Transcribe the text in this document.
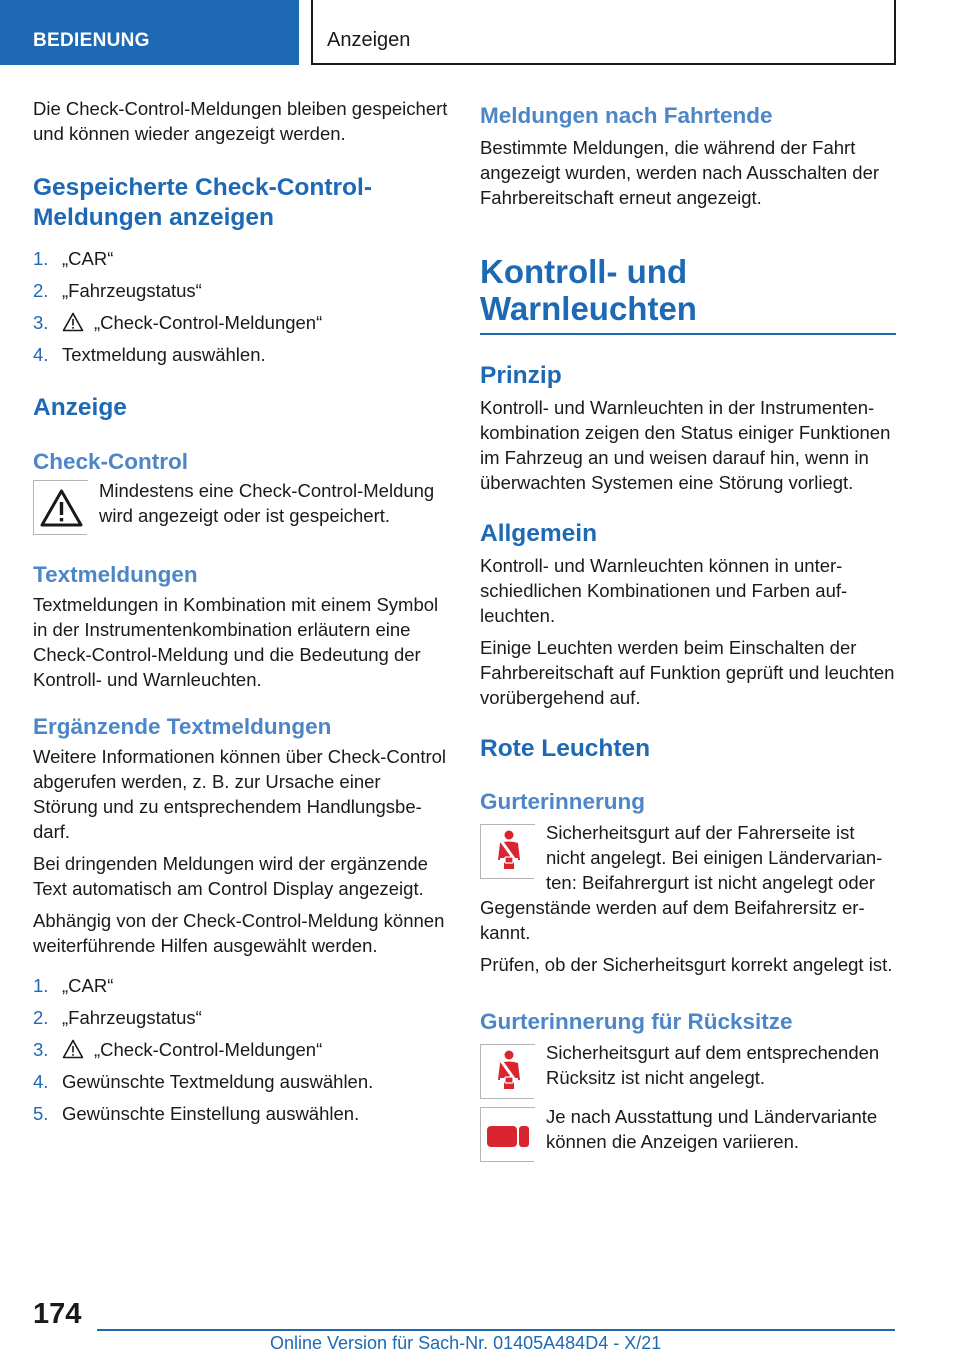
BEDIENUNG	Anzeigen

Die Check-Control-Meldungen bleiben gespeichert und können wieder angezeigt werden.

Gespeicherte Check-Control-Meldungen anzeigen
1. „CAR“
2. „Fahrzeugstatus“
3. „Check-Control-Meldungen“
4. Textmeldung auswählen.
Anzeige
Check-Control
Mindestens eine Check-Control-Meldung wird angezeigt oder ist gespeichert.
Textmeldungen

Textmeldungen in Kombination mit einem Symbol in der Instrumentenkombination erläutern eine Check-Control-Meldung und die Bedeutung der Kontroll- und Warnleuchten.

Ergänzende Textmeldungen

Weitere Informationen können über Check-Control abgerufen werden, z. B. zur Ursache einer Störung und zu entsprechendem Handlungsbedarf.

Bei dringenden Meldungen wird der ergänzende Text automatisch am Control Display angezeigt.

Abhängig von der Check-Control-Meldung können weiterführende Hilfen ausgewählt werden.

1. „CAR“
2. „Fahrzeugstatus“
3. „Check-Control-Meldungen“
4. Gewünschte Textmeldung auswählen.
5. Gewünschte Einstellung auswählen.
Meldungen nach Fahrtende

Bestimmte Meldungen, die während der Fahrt angezeigt wurden, werden nach Ausschalten der Fahrbereitschaft erneut angezeigt.

Kontroll- und Warnleuchten
Prinzip

Kontroll- und Warnleuchten in der Instrumentenkombination zeigen den Status einiger Funktionen im Fahrzeug an und weisen darauf hin, wenn in überwachten Systemen eine Störung vorliegt.

Allgemein

Kontroll- und Warnleuchten können in unterschiedlichen Kombinationen und Farben aufleuchten.

Einige Leuchten werden beim Einschalten der Fahrbereitschaft auf Funktion geprüft und leuchten vorübergehend auf.

Rote Leuchten
Gurterinnerung
Sicherheitsgurt auf der Fahrerseite ist nicht angelegt. Bei einigen Ländervarianten: Beifahrergurt ist nicht angelegt oder

Gegenstände werden auf dem Beifahrersitz erkannt.

Prüfen, ob der Sicherheitsgurt korrekt angelegt ist.

Gurterinnerung für Rücksitze
Sicherheitsgurt auf dem entsprechenden Rücksitz ist nicht angelegt.
Je nach Ausstattung und Ländervariante können die Anzeigen variieren.
174
Online Version für Sach-Nr. 01405A484D4 - X/21
